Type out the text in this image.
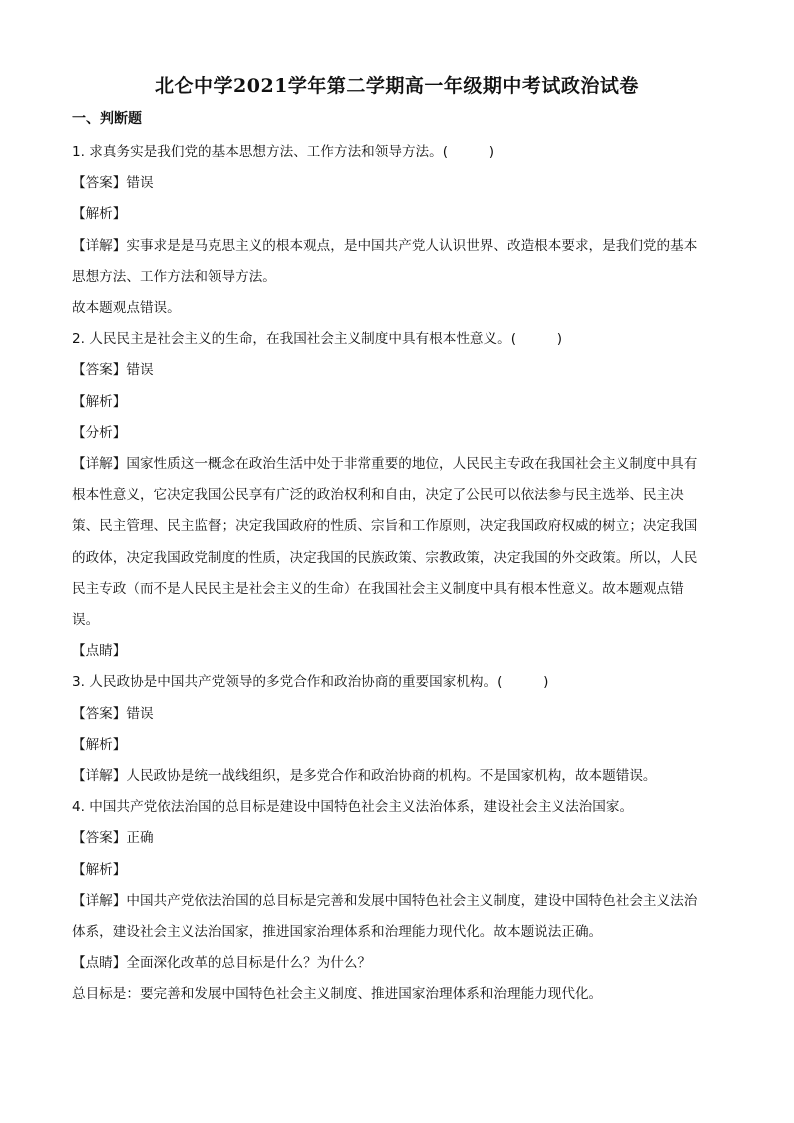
北仑中学2021学年第二学期高一年级期中考试政治试卷
一、判断题
1. 求真务实是我们党的基本思想方法、工作方法和领导方法。(　　　)
【答案】错误
【解析】
【详解】实事求是是马克思主义的根本观点，是中国共产党人认识世界、改造根本要求，是我们党的基本
思想方法、工作方法和领导方法。
故本题观点错误。
2. 人民民主是社会主义的生命，在我国社会主义制度中具有根本性意义。(　　　)
【答案】错误
【解析】
【分析】
【详解】国家性质这一概念在政治生活中处于非常重要的地位，人民民主专政在我国社会主义制度中具有
根本性意义，它决定我国公民享有广泛的政治权利和自由，决定了公民可以依法参与民主选举、民主决
策、民主管理、民主监督；决定我国政府的性质、宗旨和工作原则，决定我国政府权威的树立；决定我国
的政体，决定我国政党制度的性质，决定我国的民族政策、宗教政策，决定我国的外交政策。所以，人民
民主专政（而不是人民民主是社会主义的生命）在我国社会主义制度中具有根本性意义。故本题观点错
误。
【点睛】
3. 人民政协是中国共产党领导的多党合作和政治协商的重要国家机构。(　　　)
【答案】错误
【解析】
【详解】人民政协是统一战线组织，是多党合作和政治协商的机构。不是国家机构，故本题错误。
4. 中国共产党依法治国的总目标是建设中国特色社会主义法治体系，建设社会主义法治国家。
【答案】正确
【解析】
【详解】中国共产党依法治国的总目标是完善和发展中国特色社会主义制度，建设中国特色社会主义法治
体系，建设社会主义法治国家，推进国家治理体系和治理能力现代化。故本题说法正确。
【点睛】全面深化改革的总目标是什么？为什么？
总目标是：要完善和发展中国特色社会主义制度、推进国家治理体系和治理能力现代化。
